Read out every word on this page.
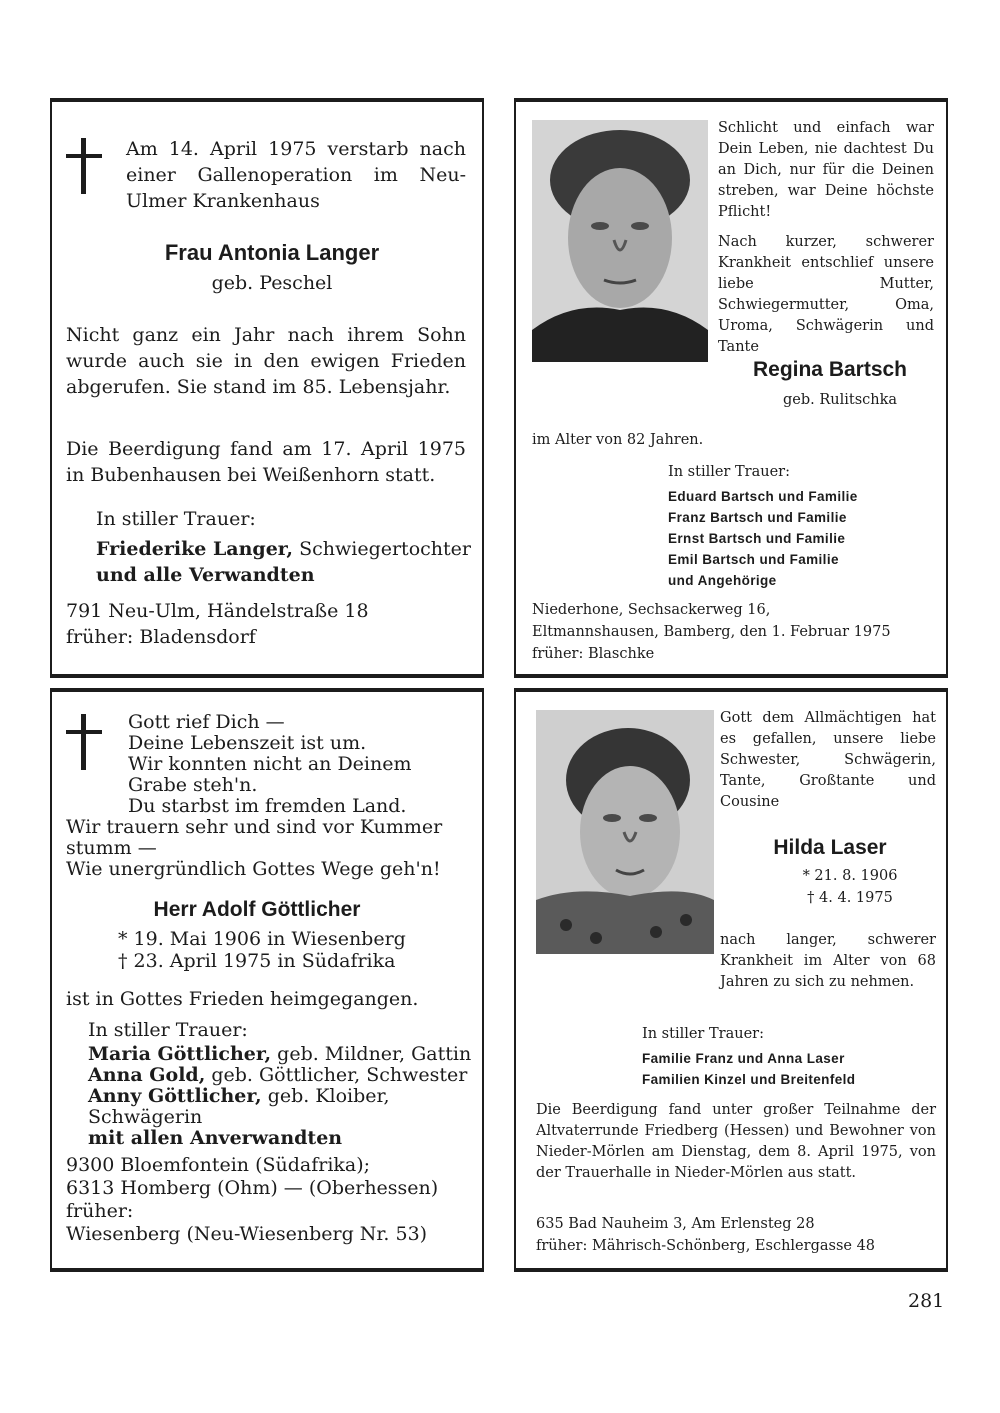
Am 14. April 1975 verstarb nach einer Gallenoperation im Neu-Ulmer Krankenhaus

Frau Antonia Langer

geb. Peschel

Nicht ganz ein Jahr nach ihrem Sohn wurde auch sie in den ewigen Frieden abgerufen. Sie stand im 85. Lebensjahr.

Die Beerdigung fand am 17. April 1975 in Bubenhausen bei Weißenhorn statt.

In stiller Trauer:

Friederike Langer, Schwiegertochter

und alle Verwandten

791 Neu-Ulm, Händelstraße 18

früher: Bladensdorf

Schlicht und einfach war Dein Leben, nie dachtest Du an Dich, nur für die Deinen streben, war Deine höchste Pflicht!

Nach kurzer, schwerer Krankheit entschlief unsere liebe Mutter, Schwiegermutter, Oma, Uroma, Schwägerin und Tante

Regina Bartsch

geb. Rulitschka

im Alter von 82 Jahren.

In stiller Trauer:

Eduard Bartsch und Familie
Franz Bartsch und Familie
Ernst Bartsch und Familie
Emil Bartsch und Familie
und Angehörige

Niederhone, Sechsackerweg 16,

Eltmannshausen, Bamberg, den 1. Februar 1975

früher: Blaschke

Gott rief Dich —
Deine Lebenszeit ist um.
Wir konnten nicht an Deinem
Grabe steh'n.
Du starbst im fremden Land.
Wir trauern sehr und sind vor Kummer
stumm —
Wie unergründlich Gottes Wege geh'n!

Herr Adolf Göttlicher

* 19. Mai 1906 in Wiesenberg

† 23. April 1975 in Südafrika

ist in Gottes Frieden heimgegangen.

In stiller Trauer:

Maria Göttlicher, geb. Mildner, Gattin
Anna Gold, geb. Göttlicher, Schwester
Anny Göttlicher, geb. Kloiber,
Schwägerin
mit allen Anverwandten
9300 Bloemfontein (Südafrika);
6313 Homberg (Ohm) — (Oberhessen)
früher:
Wiesenberg (Neu-Wiesenberg Nr. 53)

Gott dem Allmächtigen hat es gefallen, unsere liebe Schwester, Schwägerin, Tante, Großtante und Cousine

Hilda Laser

* 21. 8. 1906

† 4. 4. 1975

nach langer, schwerer Krankheit im Alter von 68 Jahren zu sich zu nehmen.

In stiller Trauer:

Familie Franz und Anna Laser
Familien Kinzel und Breitenfeld

Die Beerdigung fand unter großer Teilnahme der Altvaterrunde Friedberg (Hessen) und Bewohner von Nieder-Mörlen am Dienstag, dem 8. April 1975, von der Trauerhalle in Nieder-Mörlen aus statt.

635 Bad Nauheim 3, Am Erlensteg 28

früher: Mährisch-Schönberg, Eschlergasse 48

281
